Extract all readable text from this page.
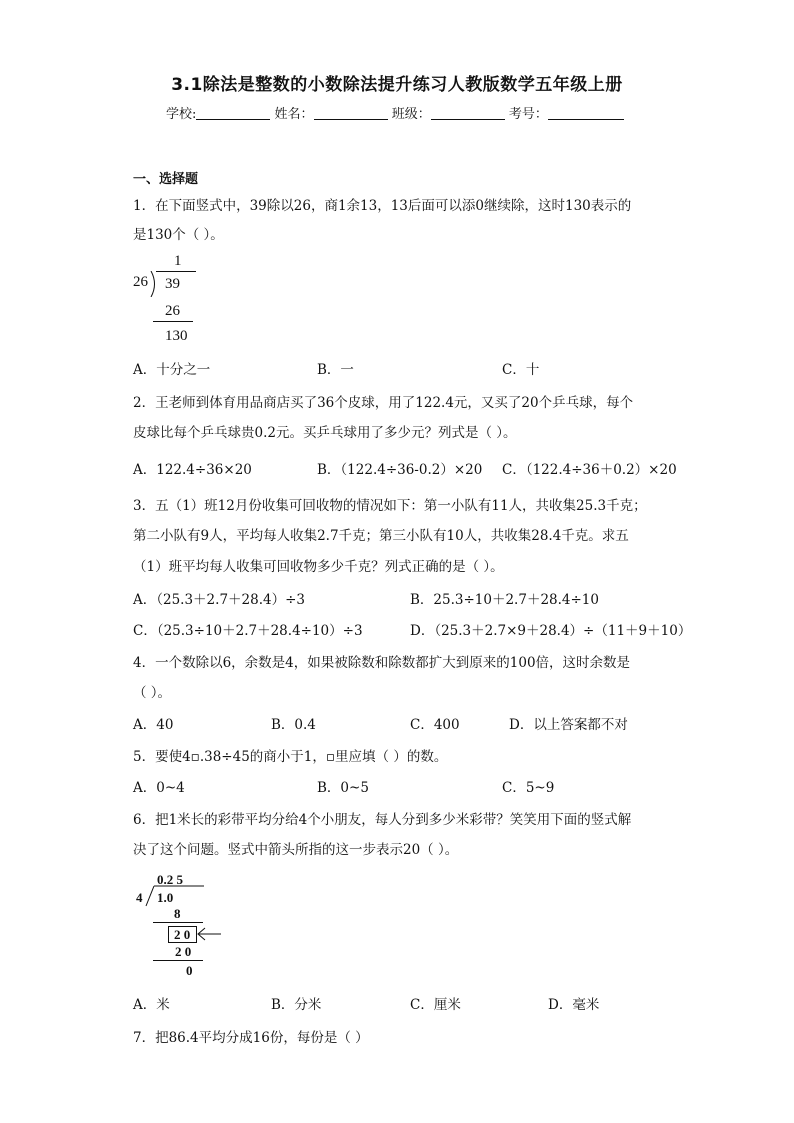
3.1除法是整数的小数除法提升练习人教版数学五年级上册
学校:	姓名：	班级：	考号：
一、选择题
1．在下面竖式中，39除以26，商1余13，13后面可以添0继续除，这时130表示的
是130个（ ）。
1
26 39
26
130
A．十分之一	B．一	C．十
2．王老师到体育用品商店买了36个皮球，用了122.4元，又买了20个乒乓球，每个
皮球比每个乒乓球贵0.2元。买乒乓球用了多少元？列式是（ ）。
A．122.4÷36×20	B．（122.4÷36-0.2）×20 C．（122.4÷36＋0.2）×20
3．五（1）班12月份收集可回收物的情况如下：第一小队有11人，共收集25.3千克；
第二小队有9人，平均每人收集2.7千克；第三小队有10人，共收集28.4千克。求五
（1）班平均每人收集可回收物多少千克？列式正确的是（ ）。
A．（25.3＋2.7＋28.4）÷3	B．25.3÷10＋2.7＋28.4÷10
C．（25.3÷10＋2.7＋28.4÷10）÷3	D．（25.3＋2.7×9＋28.4）÷（11＋9＋10）
4．一个数除以6，余数是4，如果被除数和除数都扩大到原来的100倍，这时余数是
（ ）。
A．40	B．0.4	C．400	D．以上答案都不对
5．要使4▫.38÷45的商小于1，▫里应填（ ）的数。
A．0~4	B．0~5	C．5~9
6．把1米长的彩带平均分给4个小朋友，每人分到多少米彩带？笑笑用下面的竖式解
决了这个问题。竖式中箭头所指的这一步表示20（ ）。
0.2 5
4 1.0
8
2 0
2 0
0
A．米	B．分米	C．厘米	D．毫米
7．把86.4平均分成16份，每份是（ ）
